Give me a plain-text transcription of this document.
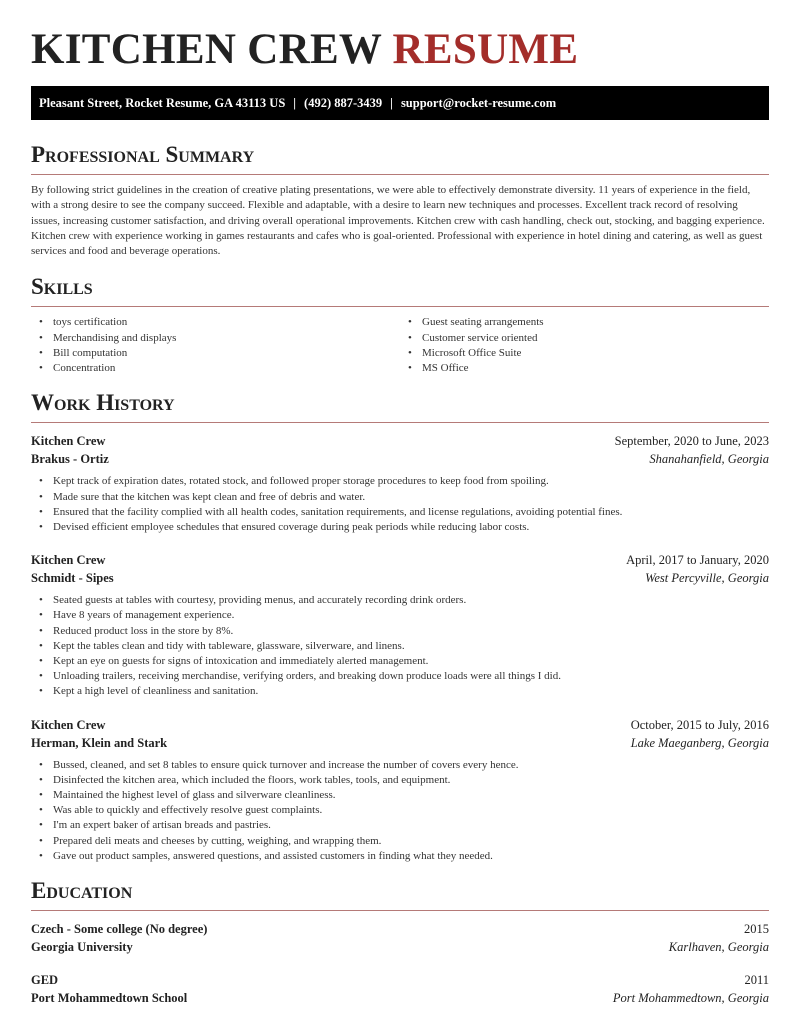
KITCHEN CREW RESUME
Pleasant Street, Rocket Resume, GA 43113 US | (492) 887-3439 | support@rocket-resume.com
Professional Summary

By following strict guidelines in the creation of creative plating presentations, we were able to effectively demonstrate diversity. 11 years of experience in the field, with a strong desire to see the company succeed. Flexible and adaptable, with a desire to learn new techniques and processes. Excellent track record of resolving issues, increasing customer satisfaction, and driving overall operational improvements. Kitchen crew with cash handling, check out, stocking, and bagging experience. Kitchen crew with experience working in games restaurants and cafes who is goal-oriented. Professional with experience in hotel dining and catering, as well as guest services and food and beverage operations.

Skills
• toys certification
• Merchandising and displays
• Bill computation
• Concentration
• Guest seating arrangements
• Customer service oriented
• Microsoft Office Suite
• MS Office
Work History
Kitchen Crew	September, 2020 to June, 2023
Brakus - Ortiz	Shanahanfield, Georgia
• Kept track of expiration dates, rotated stock, and followed proper storage procedures to keep food from spoiling.
• Made sure that the kitchen was kept clean and free of debris and water.
• Ensured that the facility complied with all health codes, sanitation requirements, and license regulations, avoiding potential fines.
• Devised efficient employee schedules that ensured coverage during peak periods while reducing labor costs.
Kitchen Crew	April, 2017 to January, 2020
Schmidt - Sipes	West Percyville, Georgia
• Seated guests at tables with courtesy, providing menus, and accurately recording drink orders.
• Have 8 years of management experience.
• Reduced product loss in the store by 8%.
• Kept the tables clean and tidy with tableware, glassware, silverware, and linens.
• Kept an eye on guests for signs of intoxication and immediately alerted management.
• Unloading trailers, receiving merchandise, verifying orders, and breaking down produce loads were all things I did.
• Kept a high level of cleanliness and sanitation.
Kitchen Crew	October, 2015 to July, 2016
Herman, Klein and Stark	Lake Maeganberg, Georgia
• Bussed, cleaned, and set 8 tables to ensure quick turnover and increase the number of covers every hence.
• Disinfected the kitchen area, which included the floors, work tables, tools, and equipment.
• Maintained the highest level of glass and silverware cleanliness.
• Was able to quickly and effectively resolve guest complaints.
• I'm an expert baker of artisan breads and pastries.
• Prepared deli meats and cheeses by cutting, weighing, and wrapping them.
• Gave out product samples, answered questions, and assisted customers in finding what they needed.
Education
Czech - Some college (No degree)	2015
Georgia University	Karlhaven, Georgia
GED	2011
Port Mohammedtown School	Port Mohammedtown, Georgia
